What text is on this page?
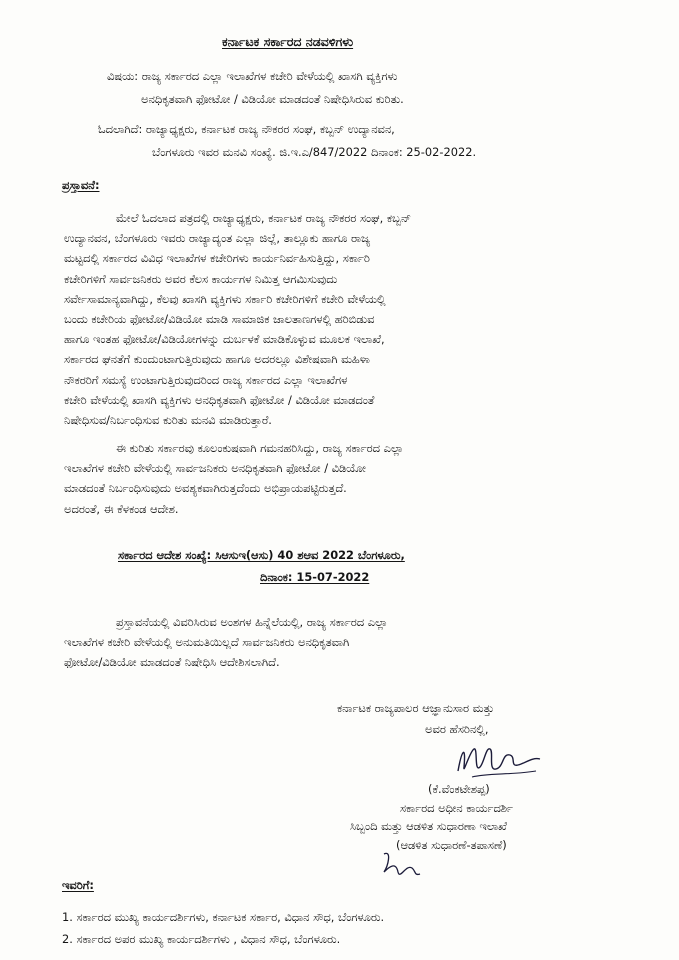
ಕರ್ನಾಟಕ ಸರ್ಕಾರದ ನಡವಳಿಗಳು
ವಿಷಯ: ರಾಜ್ಯ ಸರ್ಕಾರದ ಎಲ್ಲಾ ಇಲಾಖೆಗಳ ಕಚೇರಿ ವೇಳೆಯಲ್ಲಿ ಖಾಸಗಿ ವ್ಯಕ್ತಿಗಳು
ಅನಧಿಕೃತವಾಗಿ ಫೋಟೋ / ವಿಡಿಯೋ ಮಾಡದಂತೆ ನಿಷೇಧಿಸಿರುವ ಕುರಿತು.
ಓದಲಾಗಿದೆ: ರಾಜ್ಯಾಧ್ಯಕ್ಷರು, ಕರ್ನಾಟಕ ರಾಜ್ಯ ನೌಕರರ ಸಂಘ, ಕಬ್ಬನ್ ಉದ್ಯಾನವನ,
ಬೆಂಗಳೂರು ಇವರ ಮನವಿ ಸಂಖ್ಯೆ. ಜಿ.ಇ.ಎ/847/2022 ದಿನಾಂಕ: 25-02-2022.
ಪ್ರಸ್ತಾವನೆ:
ಮೇಲೆ ಓದಲಾದ ಪತ್ರದಲ್ಲಿ ರಾಜ್ಯಾಧ್ಯಕ್ಷರು, ಕರ್ನಾಟಕ ರಾಜ್ಯ ನೌಕರರ ಸಂಘ, ಕಬ್ಬನ್
ಉದ್ಯಾನವನ, ಬೆಂಗಳೂರು ಇವರು ರಾಜ್ಯಾದ್ಯಂತ ಎಲ್ಲಾ ಜಿಲ್ಲೆ, ತಾಲ್ಲೂಕು ಹಾಗೂ ರಾಜ್ಯ
ಮಟ್ಟದಲ್ಲಿ ಸರ್ಕಾರದ ವಿವಿಧ ಇಲಾಖೆಗಳ ಕಚೇರಿಗಳು ಕಾರ್ಯನಿರ್ವಹಿಸುತ್ತಿದ್ದು, ಸರ್ಕಾರಿ
ಕಚೇರಿಗಳಿಗೆ ಸಾರ್ವಜನಿಕರು ಅವರ ಕೆಲಸ ಕಾರ್ಯಗಳ ನಿಮಿತ್ತ ಆಗಮಿಸುವುದು
ಸರ್ವೇಸಾಮಾನ್ಯವಾಗಿದ್ದು, ಕೆಲವು ಖಾಸಗಿ ವ್ಯಕ್ತಿಗಳು ಸರ್ಕಾರಿ ಕಚೇರಿಗಳಿಗೆ ಕಚೇರಿ ವೇಳೆಯಲ್ಲಿ
ಬಂದು ಕಚೇರಿಯ ಫೋಟೋ/ವಿಡಿಯೋ ಮಾಡಿ ಸಾಮಾಜಿಕ ಜಾಲತಾಣಗಳಲ್ಲಿ ಹರಿಬಿಡುವ
ಹಾಗೂ ಇಂತಹ ಫೋಟೋ/ವಿಡಿಯೋಗಳನ್ನು ದುರ್ಬಳಕೆ ಮಾಡಿಕೊಳ್ಳುವ ಮೂಲಕ ಇಲಾಖೆ,
ಸರ್ಕಾರದ ಘನತೆಗೆ ಕುಂದುಂಟಾಗುತ್ತಿರುವುದು ಹಾಗೂ ಅದರಲ್ಲೂ ವಿಶೇಷವಾಗಿ ಮಹಿಳಾ
ನೌಕರರಿಗೆ ಸಮಸ್ಯೆ ಉಂಟಾಗುತ್ತಿರುವುದರಿಂದ ರಾಜ್ಯ ಸರ್ಕಾರದ ಎಲ್ಲಾ ಇಲಾಖೆಗಳ
ಕಚೇರಿ ವೇಳೆಯಲ್ಲಿ ಖಾಸಗಿ ವ್ಯಕ್ತಿಗಳು ಅನಧಿಕೃತವಾಗಿ ಫೋಟೋ / ವಿಡಿಯೋ ಮಾಡದಂತೆ
ನಿಷೇಧಿಸುವ/ನಿರ್ಬಂಧಿಸುವ ಕುರಿತು ಮನವಿ ಮಾಡಿರುತ್ತಾರೆ.
ಈ ಕುರಿತು ಸರ್ಕಾರವು ಕೂಲಂಕುಷವಾಗಿ ಗಮನಹರಿಸಿದ್ದು, ರಾಜ್ಯ ಸರ್ಕಾರದ ಎಲ್ಲಾ
ಇಲಾಖೆಗಳ ಕಚೇರಿ ವೇಳೆಯಲ್ಲಿ ಸಾರ್ವಜನಿಕರು ಅನಧಿಕೃತವಾಗಿ ಫೋಟೋ / ವಿಡಿಯೋ
ಮಾಡದಂತೆ ನಿರ್ಬಂಧಿಸುವುದು ಅವಶ್ಯಕವಾಗಿರುತ್ತದೆಂದು ಅಭಿಪ್ರಾಯಪಟ್ಟಿರುತ್ತದೆ.
ಅದರಂತೆ, ಈ ಕೆಳಕಂಡ ಆದೇಶ.
ಸರ್ಕಾರದ ಆದೇಶ ಸಂಖ್ಯೆ: ಸಿಆಸುಇ(ಆಸು) 40 ಶಆವ 2022 ಬೆಂಗಳೂರು,
ದಿನಾಂಕ: 15-07-2022
ಪ್ರಸ್ತಾವನೆಯಲ್ಲಿ ವಿವರಿಸಿರುವ ಅಂಶಗಳ ಹಿನ್ನೆಲೆಯಲ್ಲಿ, ರಾಜ್ಯ ಸರ್ಕಾರದ ಎಲ್ಲಾ
ಇಲಾಖೆಗಳ ಕಚೇರಿ ವೇಳೆಯಲ್ಲಿ ಅನುಮತಿಯಿಲ್ಲದೆ ಸಾರ್ವಜನಿಕರು ಅನಧಿಕೃತವಾಗಿ
ಫೋಟೋ/ವಿಡಿಯೋ ಮಾಡದಂತೆ ನಿಷೇಧಿಸಿ ಆದೇಶಿಸಲಾಗಿದೆ.
ಕರ್ನಾಟಕ ರಾಜ್ಯಪಾಲರ ಆಜ್ಞಾನುಸಾರ ಮತ್ತು
ಅವರ ಹೆಸರಿನಲ್ಲಿ,
(ಕೆ.ವೆಂಕಟೇಶಪ್ಪ)
ಸರ್ಕಾರದ ಅಧೀನ ಕಾರ್ಯದರ್ಶಿ
ಸಿಬ್ಬಂದಿ ಮತ್ತು ಆಡಳಿತ ಸುಧಾರಣಾ ಇಲಾಖೆ
(ಆಡಳಿತ ಸುಧಾರಣೆ-ತಪಾಸಣೆ)
ಇವರಿಗೆ:
1. ಸರ್ಕಾರದ ಮುಖ್ಯ ಕಾರ್ಯದರ್ಶಿಗಳು, ಕರ್ನಾಟಕ ಸರ್ಕಾರ, ವಿಧಾನ ಸೌಧ, ಬೆಂಗಳೂರು.
2. ಸರ್ಕಾರದ ಅಪರ ಮುಖ್ಯ ಕಾರ್ಯದರ್ಶಿಗಳು , ವಿಧಾನ ಸೌಧ, ಬೆಂಗಳೂರು.
